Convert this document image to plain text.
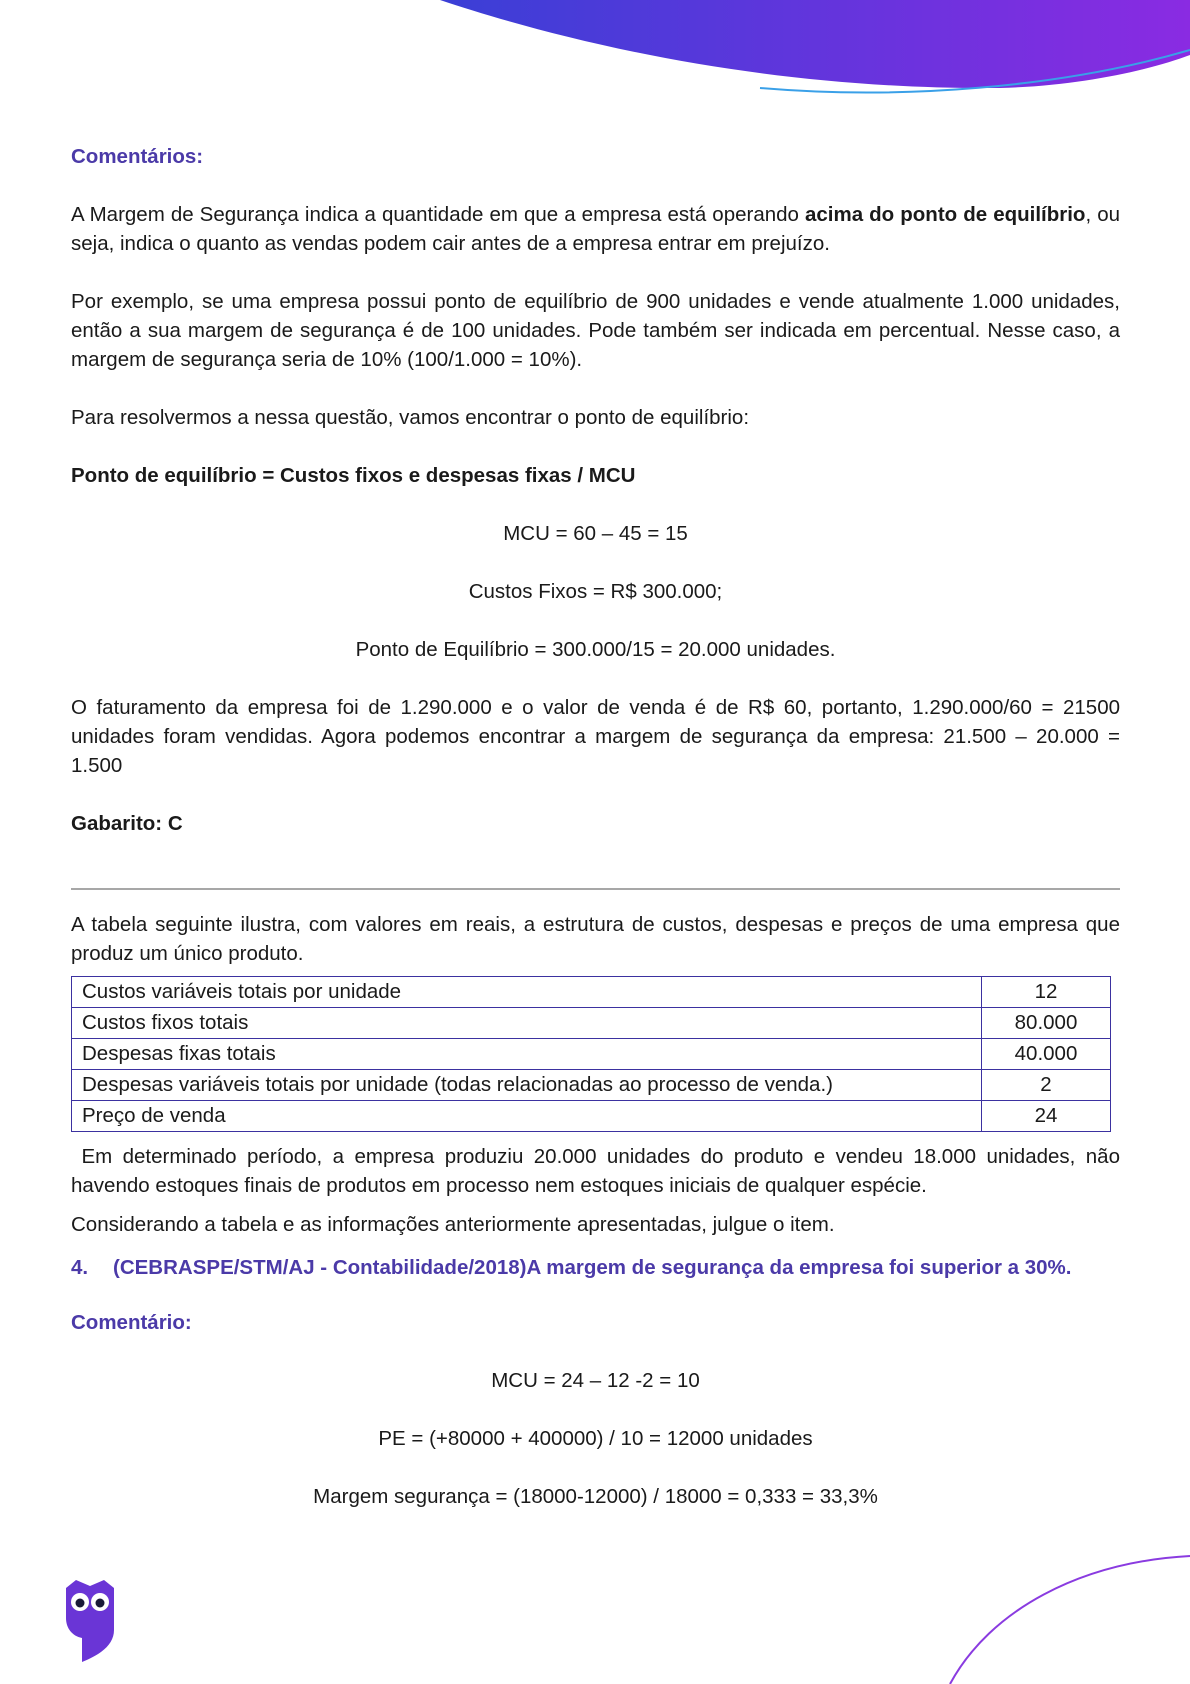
Comentários:

A Margem de Segurança indica a quantidade em que a empresa está operando acima do ponto de equilíbrio, ou seja, indica o quanto as vendas podem cair antes de a empresa entrar em prejuízo.

Por exemplo, se uma empresa possui ponto de equilíbrio de 900 unidades e vende atualmente 1.000 unidades, então a sua margem de segurança é de 100 unidades. Pode também ser indicada em percentual. Nesse caso, a margem de segurança seria de 10% (100/1.000 = 10%).

Para resolvermos a nessa questão, vamos encontrar o ponto de equilíbrio:

Ponto de equilíbrio = Custos fixos e despesas fixas / MCU

MCU = 60 – 45 = 15

Custos Fixos = R$ 300.000;

Ponto de Equilíbrio = 300.000/15 = 20.000 unidades.

O faturamento da empresa foi de 1.290.000 e o valor de venda é de R$ 60, portanto, 1.290.000/60 = 21500 unidades foram vendidas. Agora podemos encontrar a margem de segurança da empresa: 21.500 – 20.000 = 1.500

Gabarito: C

A tabela seguinte ilustra, com valores em reais, a estrutura de custos, despesas e preços de uma empresa que produz um único produto.

Custos variáveis totais por unidade	12
Custos fixos totais	80.000
Despesas fixas totais	40.000
Despesas variáveis totais por unidade (todas relacionadas ao processo de venda.)	2
Preço de venda	24

Em determinado período, a empresa produziu 20.000 unidades do produto e vendeu 18.000 unidades, não havendo estoques finais de produtos em processo nem estoques iniciais de qualquer espécie.

Considerando a tabela e as informações anteriormente apresentadas, julgue o item.

4.	(CEBRASPE/STM/AJ - Contabilidade/2018)A margem de segurança da empresa foi superior a 30%.

Comentário:

MCU = 24 – 12 -2 = 10

PE = (+80000 + 400000) / 10 = 12000 unidades

Margem segurança = (18000-12000) / 18000 = 0,333 = 33,3%
